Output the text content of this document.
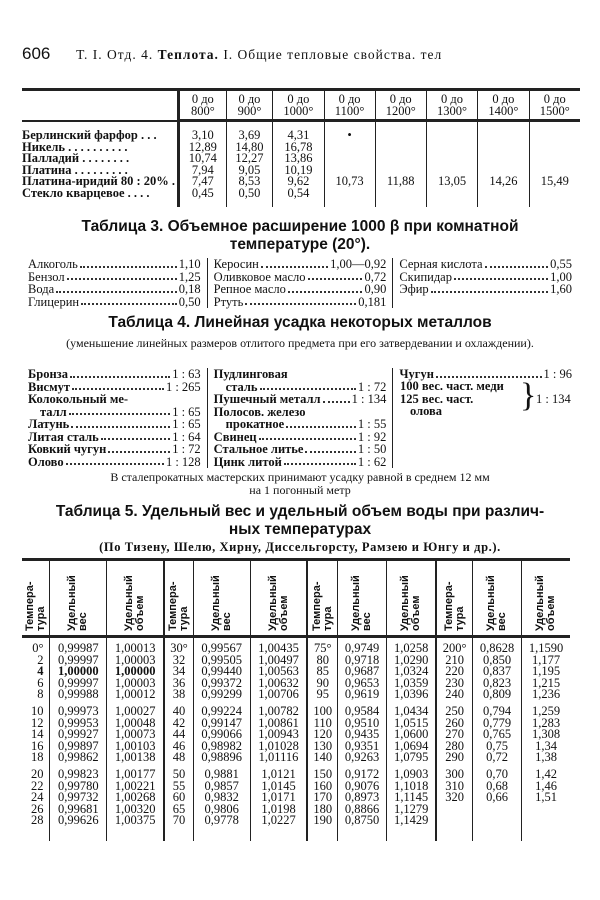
606 Т. I. Отд. 4. Теплота. I. Общие тепловые свойства. тел
	0 до 800°	0 до 900°	0 до 1000°	0 до 1100°	0 до 1200°	0 до 1300°	0 до 1400°	0 до 1500°

Берлинский фарфор . . .	3,10	3,69	4,31	•				
Никель . . . . . . . . . .	12,89	14,80	16,78					
Палладий . . . . . . . .	10,74	12,27	13,86					
Платина . . . . . . . . .	7,94	9,05	10,19					
Платина-иридий 80 : 20% .	7,47	8,53	9,62	10,73	11,88	13,05	14,26	15,49
Стекло кварцевое . . . .	0,45	0,50	0,54					

Таблица 3. Объемное расширение 1000 β при комнатной
температуре (20°).
Алкоголь	1,10
Бензол	1,25
Вода	0,18
Глицерин	0,50
Керосин	1,00—0,92
Оливковое масло	0,72
Репное масло	0,90
Ртуть	0,181
Серная кислота	0,55
Скипидар	1,00
Эфир	1,60
Таблица 4. Линейная усадка некоторых металлов
(уменьшение линейных размеров отлитого предмета при его затвердевании и охлаждении).
Бронза	1 : 63
Висмут	1 : 265
Колокольный ме-
талл	1 : 65
Латунь	1 : 65
Литая сталь	1 : 64
Ковкий чугун	1 : 72
Олово	1 : 128
Пудлинговая
сталь	1 : 72
Пушечный металл 1 : 134
Полосов. железо
прокатное	1 : 55
Свинец	1 : 92
Стальное литье	1 : 50
Цинк литой	1 : 62
Чугун	1 : 96
100 вес. част. меди
125 вес. част.
олова	} 1 : 134
В сталепрокатных мастерских принимают усадку равной в среднем 12 мм
на 1 погонный метр
Таблица 5. Удельный вес и удельный объем воды при различ-
ных температурах
(По Тизену, Шелю, Хирну, Диссельгорсту, Рамзею и Юнгу и др.).
Темпера-тура	Удельный вес	Удельный объем	Темпера-тура	Удельный вес	Удельный объем	Темпера-тура	Удельный вес	Удельный объем	Темпера-тура	Удельный вес	Удельный объем
0°	0,99987	1,00013	30°	0,99567	1,00435	75°	0,9749	1,0258	200°	0,8628	1,1590
2	0,99997	1,00003	32	0,99505	1,00497	80	0,9718	1,0290	210	0,850	1,177
4	1,00000	1,00000	34	0,99440	1,00563	85	0,9687	1,0324	220	0,837	1,195
6	0,99997	1,00003	36	0,99372	1,00632	90	0,9653	1,0359	230	0,823	1,215
8	0,99988	1,00012	38	0,99299	1,00706	95	0,9619	1,0396	240	0,809	1,236
10	0,99973	1,00027	40	0,99224	1,00782	100	0,9584	1,0434	250	0,794	1,259
12	0,99953	1,00048	42	0,99147	1,00861	110	0,9510	1,0515	260	0,779	1,283
14	0,99927	1,00073	44	0,99066	1,00943	120	0,9435	1,0600	270	0,765	1,308
16	0,99897	1,00103	46	0,98982	1,01028	130	0,9351	1,0694	280	0,75	1,34
18	0,99862	1,00138	48	0,98896	1,01116	140	0,9263	1,0795	290	0,72	1,38
20	0,99823	1,00177	50	0,9881	1,0121	150	0,9172	1,0903	300	0,70	1,42
22	0,99780	1,00221	55	0,9857	1,0145	160	0,9076	1,1018	310	0,68	1,46
24	0,99732	1,00268	60	0,9832	1,0171	170	0,8973	1,1145	320	0,66	1,51
26	0,99681	1,00320	65	0,9806	1,0198	180	0,8866	1,1279			
28	0,99626	1,00375	70	0,9778	1,0227	190	0,8750	1,1429			
